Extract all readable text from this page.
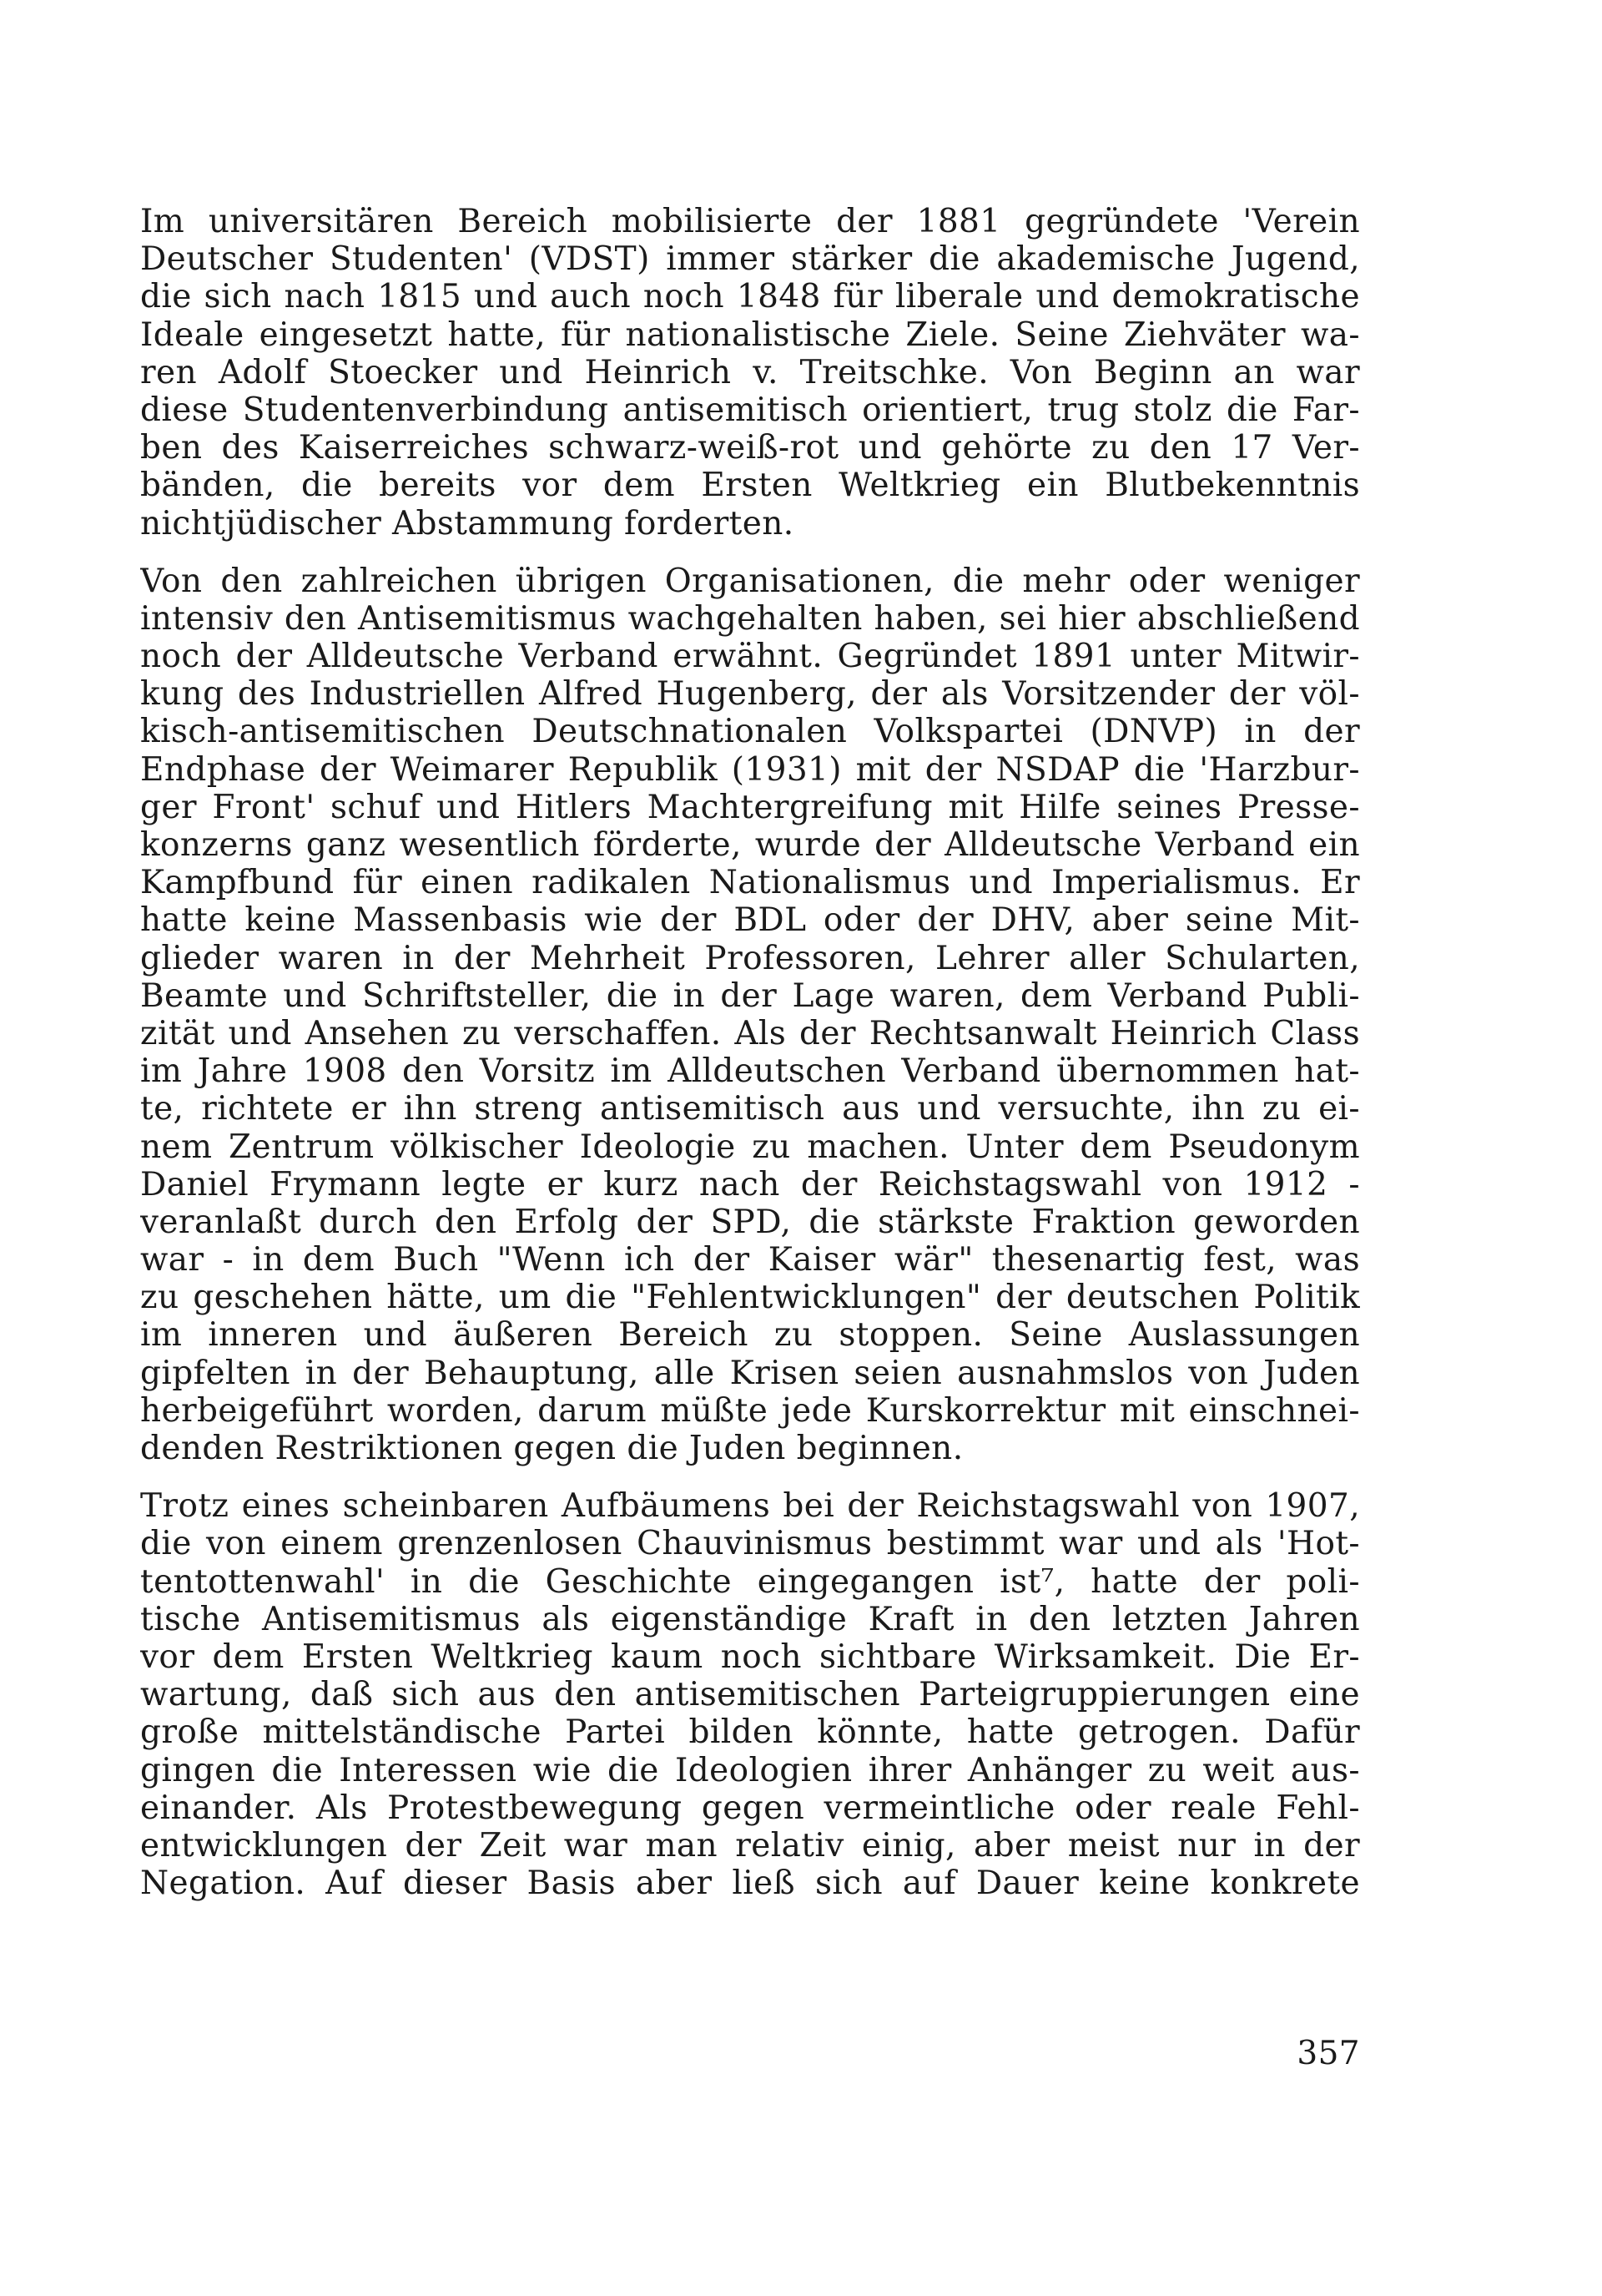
Im universitären Bereich mobilisierte der 1881 gegründete 'Verein
Deutscher Studenten' (VDST) immer stärker die akademische Jugend,
die sich nach 1815 und auch noch 1848 für liberale und demokratische
Ideale eingesetzt hatte, für nationalistische Ziele. Seine Ziehväter wa-
ren Adolf Stoecker und Heinrich v. Treitschke. Von Beginn an war
diese Studentenverbindung antisemitisch orientiert, trug stolz die Far-
ben des Kaiserreiches schwarz-weiß-rot und gehörte zu den 17 Ver-
bänden, die bereits vor dem Ersten Weltkrieg ein Blutbekenntnis
nichtjüdischer Abstammung forderten.

Von den zahlreichen übrigen Organisationen, die mehr oder weniger
intensiv den Antisemitismus wachgehalten haben, sei hier abschließend
noch der Alldeutsche Verband erwähnt. Gegründet 1891 unter Mitwir-
kung des Industriellen Alfred Hugenberg, der als Vorsitzender der völ-
kisch-antisemitischen Deutschnationalen Volkspartei (DNVP) in der
Endphase der Weimarer Republik (1931) mit der NSDAP die 'Harzbur-
ger Front' schuf und Hitlers Machtergreifung mit Hilfe seines Presse-
konzerns ganz wesentlich förderte, wurde der Alldeutsche Verband ein
Kampfbund für einen radikalen Nationalismus und Imperialismus. Er
hatte keine Massenbasis wie der BDL oder der DHV, aber seine Mit-
glieder waren in der Mehrheit Professoren, Lehrer aller Schularten,
Beamte und Schriftsteller, die in der Lage waren, dem Verband Publi-
zität und Ansehen zu verschaffen. Als der Rechtsanwalt Heinrich Class
im Jahre 1908 den Vorsitz im Alldeutschen Verband übernommen hat-
te, richtete er ihn streng antisemitisch aus und versuchte, ihn zu ei-
nem Zentrum völkischer Ideologie zu machen. Unter dem Pseudonym
Daniel Frymann legte er kurz nach der Reichstagswahl von 1912 -
veranlaßt durch den Erfolg der SPD, die stärkste Fraktion geworden
war - in dem Buch "Wenn ich der Kaiser wär" thesenartig fest, was
zu geschehen hätte, um die "Fehlentwicklungen" der deutschen Politik
im inneren und äußeren Bereich zu stoppen. Seine Auslassungen
gipfelten in der Behauptung, alle Krisen seien ausnahmslos von Juden
herbeigeführt worden, darum müßte jede Kurskorrektur mit einschnei-
denden Restriktionen gegen die Juden beginnen.

Trotz eines scheinbaren Aufbäumens bei der Reichstagswahl von 1907,
die von einem grenzenlosen Chauvinismus bestimmt war und als 'Hot-
tentottenwahl' in die Geschichte eingegangen ist⁷, hatte der poli-
tische Antisemitismus als eigenständige Kraft in den letzten Jahren
vor dem Ersten Weltkrieg kaum noch sichtbare Wirksamkeit. Die Er-
wartung, daß sich aus den antisemitischen Parteigruppierungen eine
große mittelständische Partei bilden könnte, hatte getrogen. Dafür
gingen die Interessen wie die Ideologien ihrer Anhänger zu weit aus-
einander. Als Protestbewegung gegen vermeintliche oder reale Fehl-
entwicklungen der Zeit war man relativ einig, aber meist nur in der
Negation. Auf dieser Basis aber ließ sich auf Dauer keine konkrete

357
